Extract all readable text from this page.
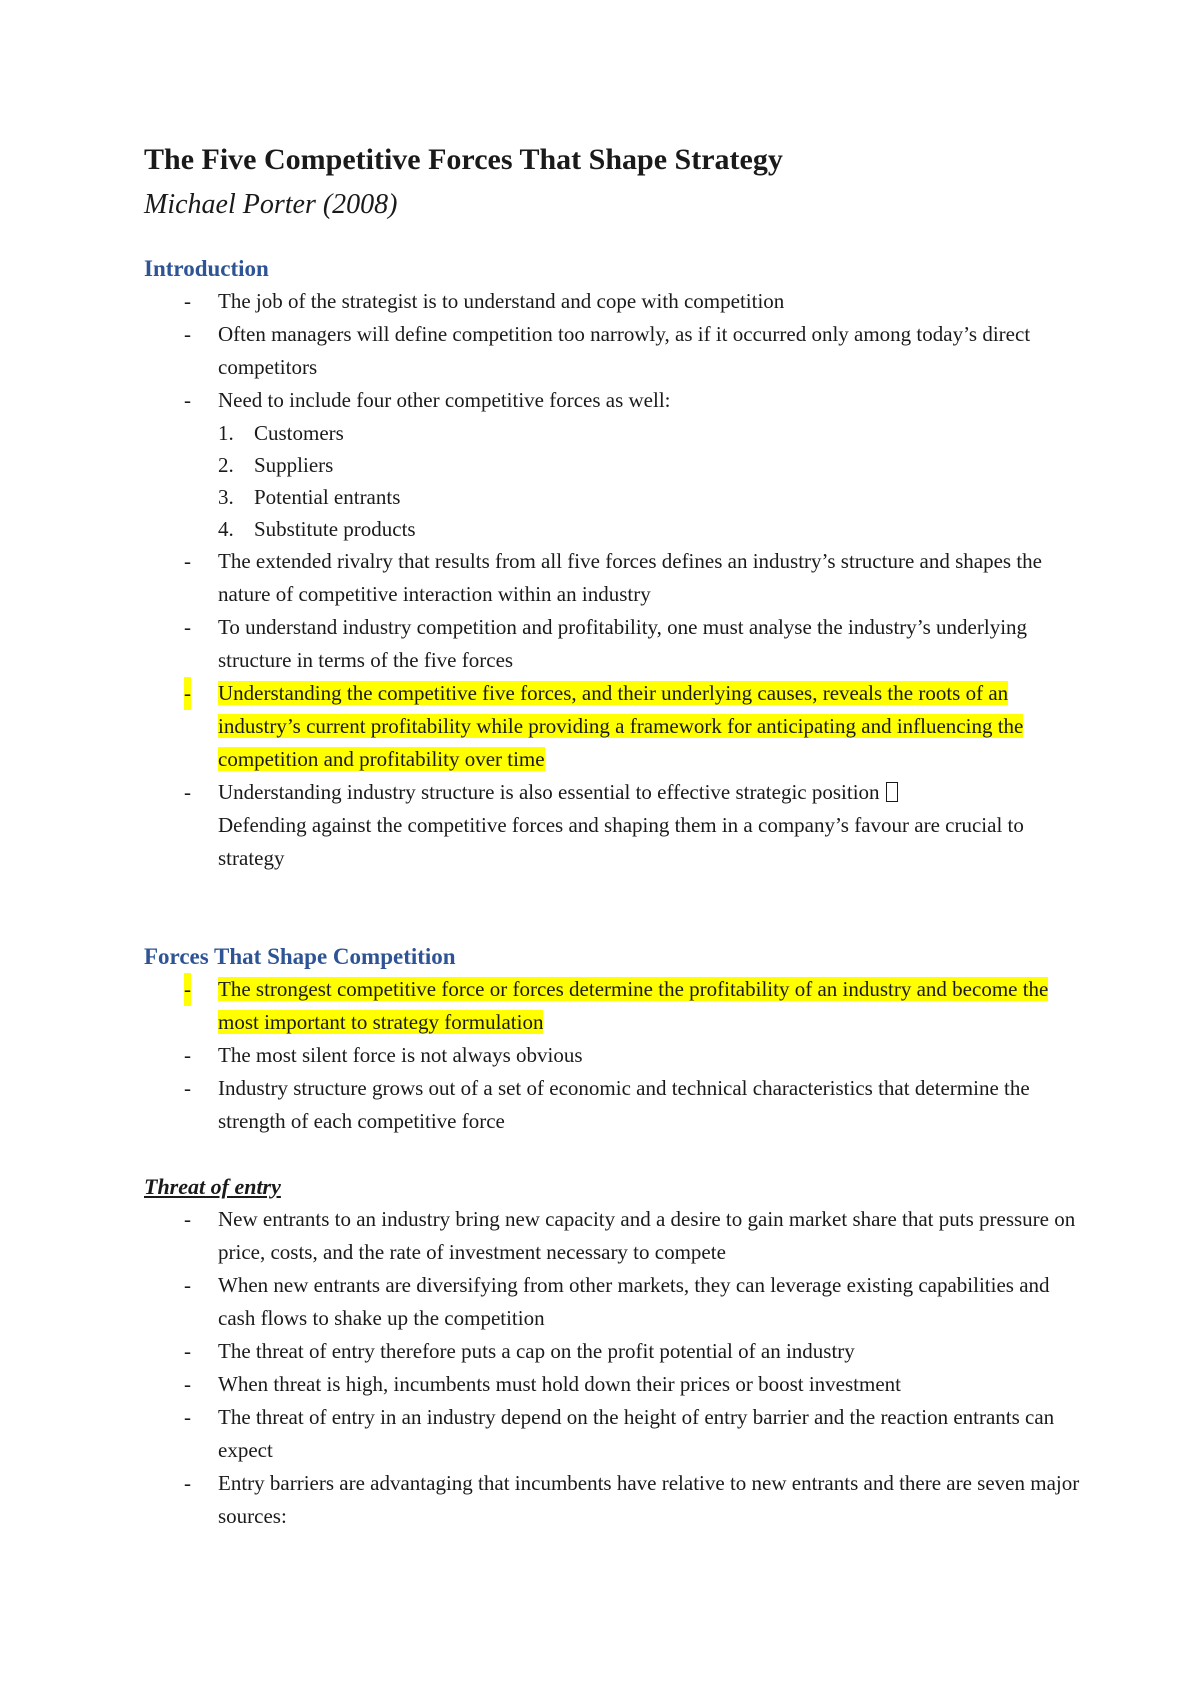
The Five Competitive Forces That Shape Strategy
Michael Porter (2008)
Introduction
- The job of the strategist is to understand and cope with competition
- Often managers will define competition too narrowly, as if it occurred only among today’s direct competitors
- Need to include four other competitive forces as well:
1. Customers
2. Suppliers
3. Potential entrants
4. Substitute products
- The extended rivalry that results from all five forces defines an industry’s structure and shapes the nature of competitive interaction within an industry
- To understand industry competition and profitability, one must analyse the industry’s underlying structure in terms of the five forces
- Understanding the competitive five forces, and their underlying causes, reveals the roots of an industry’s current profitability while providing a framework for anticipating and influencing the competition and profitability over time
- Understanding industry structure is also essential to effective strategic position
Defending against the competitive forces and shaping them in a company’s favour are crucial to strategy
Forces That Shape Competition
- The strongest competitive force or forces determine the profitability of an industry and become the most important to strategy formulation
- The most silent force is not always obvious
- Industry structure grows out of a set of economic and technical characteristics that determine the strength of each competitive force
Threat of entry
- New entrants to an industry bring new capacity and a desire to gain market share that puts pressure on price, costs, and the rate of investment necessary to compete
- When new entrants are diversifying from other markets, they can leverage existing capabilities and cash flows to shake up the competition
- The threat of entry therefore puts a cap on the profit potential of an industry
- When threat is high, incumbents must hold down their prices or boost investment
- The threat of entry in an industry depend on the height of entry barrier and the reaction entrants can expect
- Entry barriers are advantaging that incumbents have relative to new entrants and there are seven major sources:
